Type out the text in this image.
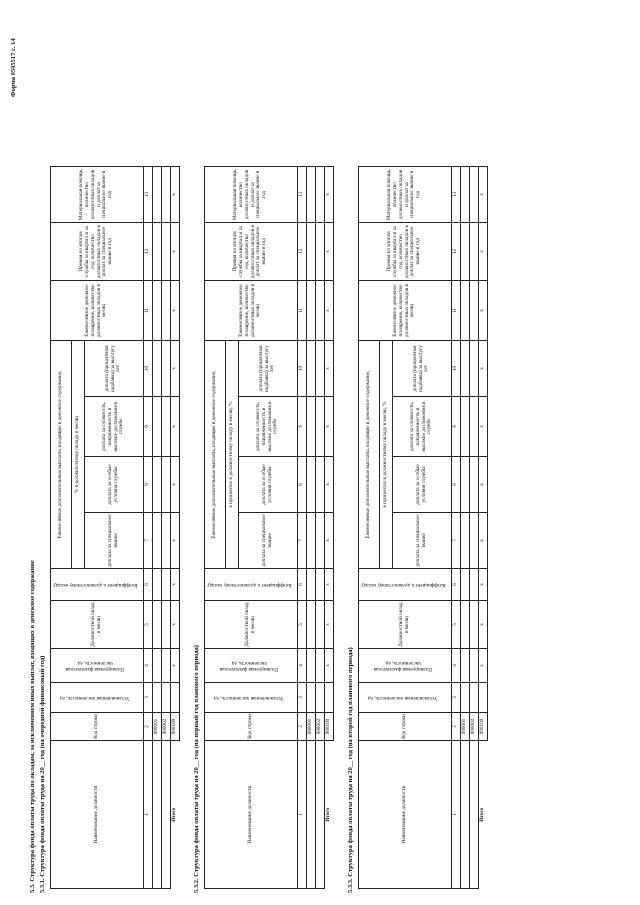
Форма 0505517 с. 14
5.3. Структура фонда оплаты труда по окладам, за исключением иных выплат, входящих в денежное содержание 5.3.1. Структура фонда оплаты труда на 20__ год (на очередной финансовый год)	Наименование должности	Код строки	Установленная численность, ед	Планируемая фактическая численность, ед	Должностной оклад в месяц	Коэффициент к должностному окладу	Ежемесячные дополнительные выплаты, входящие в денежное содержание,				Ежемесячное денежное поощрение, количество должностных окладов в месяц	Премия по итогам службы за квартал и за год, количество должностных окладов и доплат за специальное звание в год	Материальная помощь, количество должностных окладов и доплат за специальное звание в год
						% к должностному окладу в месяц						
						доплата за специальное звание	доплата за особые условия службы	доплата за сложность, напряженность и высокие достижения в службе	доплата (процентная надбавка) за выслугу лет			
1	2	3	4	5	6	7	8	9	10	11	12	13
	000001											
	000002											
Итого	900100		x	x	x	x	x	x	x	x	x	x
5.3.2. Структура фонда оплаты труда на 20__ год (на первый год планового периода)	Наименование должности	Код строки	Установленная численность, ед	Планируемая фактическая численность, ед	Должностной оклад в месяц	Коэффициент к должностному окладу	Ежемесячные дополнительные выплаты, входящие в денежное содержание,				Ежемесячное денежное поощрение, количество должностных окладов в месяц	Премия по итогам службы за квартал и за год, количество должностных окладов и доплат за специальное звание в год	Материальная помощь, количество должностных окладов и доплат за специальное звание в год
						в процентах к должностному окладу в месяц, %						
						доплата за специальное звание	доплата за особые условия службы	доплата за сложность, напряженность и высокие достижения в службе	доплата (процентная надбавка) за выслугу лет			
1	2	3	4	5	6	7	8	9	10	11	12	13
	000001											
	000002											
Итого	900100		x	x	x	x	x	x	x	x	x	x
5.3.3. Структура фонда оплаты труда на 20__ год (на второй год планового периода)	Наименование должности	Код строки	Установленная численность, ед	Планируемая фактическая численность, ед	Должностной оклад в месяц	Коэффициент к должностному окладу	Ежемесячные дополнительные выплаты, входящие в денежное содержание,				Ежемесячное денежное поощрение, количество должностных окладов в месяц	Премия по итогам службы за квартал и за год, количество должностных окладов и доплат за специальное звание в год	Материальная помощь, количество должностных окладов и доплат за специальное звание в год
						в процентах к должностному окладу в месяц, %						
						доплата за специальное звание	доплата за особые условия службы	доплата за сложность, напряженность и высокие достижения в службе	доплата (процентная надбавка) за выслугу лет			
1	2	3	4	5	6	7	8	9	10	11	12	13
	000001											
	000002											
Итого	900100		x	x	x	x	x	x	x	x	x	x
